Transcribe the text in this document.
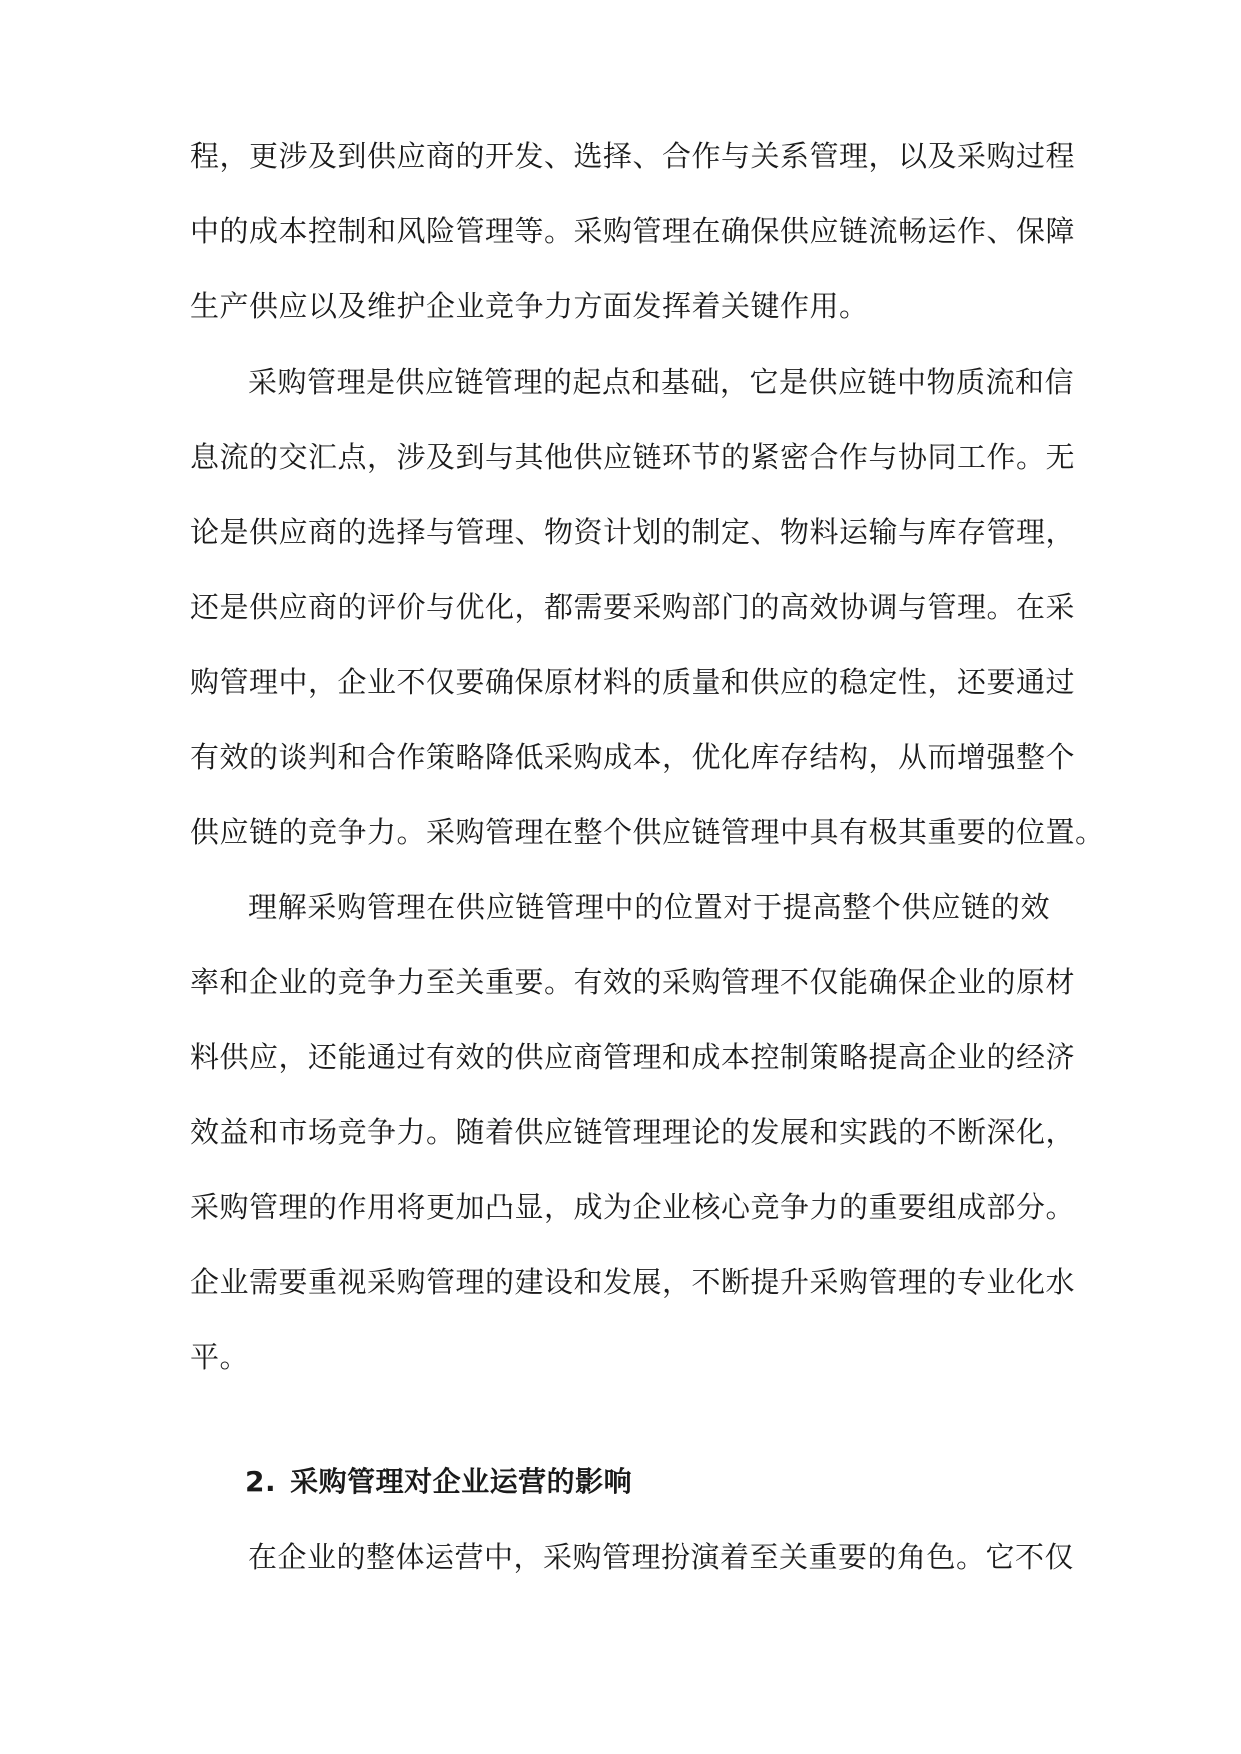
程，更涉及到供应商的开发、选择、合作与关系管理，以及采购过程
中的成本控制和风险管理等。采购管理在确保供应链流畅运作、保障
生产供应以及维护企业竞争力方面发挥着关键作用。
采购管理是供应链管理的起点和基础，它是供应链中物质流和信
息流的交汇点，涉及到与其他供应链环节的紧密合作与协同工作。无
论是供应商的选择与管理、物资计划的制定、物料运输与库存管理，
还是供应商的评价与优化，都需要采购部门的高效协调与管理。在采
购管理中，企业不仅要确保原材料的质量和供应的稳定性，还要通过
有效的谈判和合作策略降低采购成本，优化库存结构，从而增强整个
供应链的竞争力。采购管理在整个供应链管理中具有极其重要的位置。
理解采购管理在供应链管理中的位置对于提高整个供应链的效
率和企业的竞争力至关重要。有效的采购管理不仅能确保企业的原材
料供应，还能通过有效的供应商管理和成本控制策略提高企业的经济
效益和市场竞争力。随着供应链管理理论的发展和实践的不断深化，
采购管理的作用将更加凸显，成为企业核心竞争力的重要组成部分。
企业需要重视采购管理的建设和发展，不断提升采购管理的专业化水
平。
2. 采购管理对企业运营的影响
在企业的整体运营中，采购管理扮演着至关重要的角色。它不仅
